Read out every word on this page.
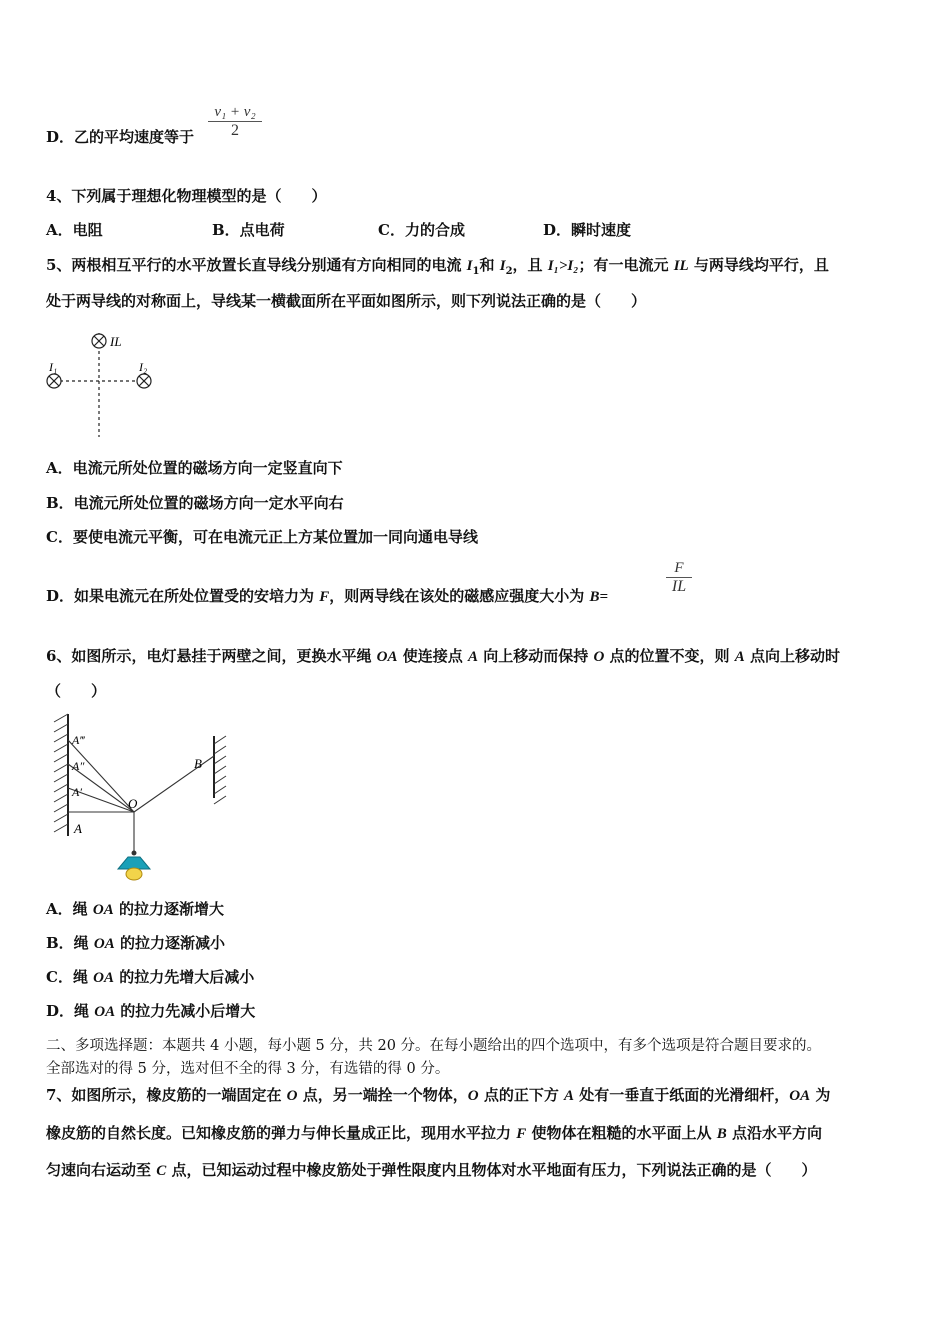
D．乙的平均速度等于
v₁ + v₂
2
4、下列属于理想化物理模型的是（　　）
A．电阻	B．点电荷	C．力的合成	D．瞬时速度
5、两根相互平行的水平放置长直导线分别通有方向相同的电流 $I_1$和 $I_2$，且 I₁>I₂；有一电流元 IL 与两导线均平行，且
处于两导线的对称面上，导线某一横截面所在平面如图所示，则下列说法正确的是（　　）
IL
I₁	I₂
A．电流元所处位置的磁场方向一定竖直向下
B．电流元所处位置的磁场方向一定水平向右
C．要使电流元平衡，可在电流元正上方某位置加一同向通电导线
D．如果电流元在所处位置受的安培力为 F，则两导线在该处的磁感应强度大小为 B=
F
IL
6、如图所示，电灯悬挂于两壁之间，更换水平绳 OA 使连接点 A 向上移动而保持 O 点的位置不变，则 A 点向上移动时
（　　）
A‴
A″
A′
A
O
B
A．绳 OA 的拉力逐渐增大
B．绳 OA 的拉力逐渐减小
C．绳 OA 的拉力先增大后减小
D．绳 OA 的拉力先减小后增大
二、多项选择题：本题共 4 小题，每小题 5 分，共 20 分。在每小题给出的四个选项中，有多个选项是符合题目要求的。
全部选对的得 5 分，选对但不全的得 3 分，有选错的得 0 分。
7、如图所示，橡皮筋的一端固定在 O 点，另一端拴一个物体，O 点的正下方 A 处有一垂直于纸面的光滑细杆，OA 为
橡皮筋的自然长度。已知橡皮筋的弹力与伸长量成正比，现用水平拉力 F 使物体在粗糙的水平面上从 B 点沿水平方向
匀速向右运动至 C 点，已知运动过程中橡皮筋处于弹性限度内且物体对水平地面有压力，下列说法正确的是（　　）
